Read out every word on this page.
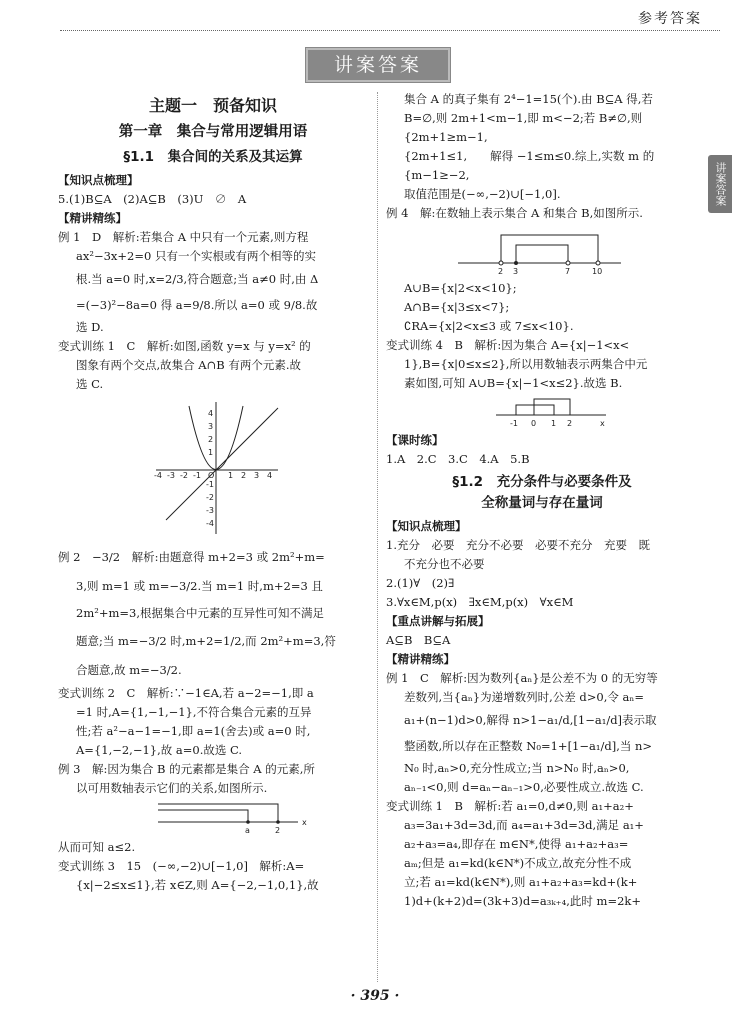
参考答案
讲案答案
讲案答案
主题一　预备知识
第一章　集合与常用逻辑用语
§1.1　集合间的关系及其运算
【知识点梳理】
5.(1)B⊆A　(2)A⊆B　(3)U　∅　A
【精讲精练】
例 1　D　解析:若集合 A 中只有一个元素,则方程
ax²−3x+2=0 只有一个实根或有两个相等的实
根.当 a=0 时,x=2/3,符合题意;当 a≠0 时,由 Δ
=(−3)²−8a=0 得 a=9/8.所以 a=0 或 9/8.故
选 D.
变式训练 1　C　解析:如图,函数 y=x 与 y=x² 的
图象有两个交点,故集合 A∩B 有两个元素.故
选 C.
-4 -3 -2 -1 O 1 2 3 4
4
3
2
1
-1
-2
-3
-4
例 2　−3/2　解析:由题意得 m+2=3 或 2m²+m=
3,则 m=1 或 m=−3/2.当 m=1 时,m+2=3 且
2m²+m=3,根据集合中元素的互异性可知不满足
题意;当 m=−3/2 时,m+2=1/2,而 2m²+m=3,符
合题意,故 m=−3/2.
变式训练 2　C　解析:∵−1∈A,若 a−2=−1,即 a
=1 时,A={1,−1,−1},不符合集合元素的互异
性;若 a²−a−1=−1,即 a=1(舍去)或 a=0 时,
A={1,−2,−1},故 a=0.故选 C.
例 3　解:因为集合 B 的元素都是集合 A 的元素,所
以可用数轴表示它们的关系,如图所示.
a	2
x
从而可知 a≤2.
变式训练 3　15　(−∞,−2)∪[−1,0]　解析:A=
{x|−2≤x≤1},若 x∈Z,则 A={−2,−1,0,1},故
集合 A 的真子集有 2⁴−1=15(个).由 B⊆A 得,若
B=∅,则 2m+1<m−1,即 m<−2;若 B≠∅,则
{2m+1≥m−1,
{2m+1≤1,　　解得 −1≤m≤0.综上,实数 m 的
{m−1≥−2,
取值范围是(−∞,−2)∪[−1,0].
例 4　解:在数轴上表示集合 A 和集合 B,如图所示.
2 3	7	10
A∪B={x|2<x<10};
A∩B={x|3≤x<7};
∁RA={x|2<x≤3 或 7≤x<10}.
变式训练 4　B　解析:因为集合 A={x|−1<x<
1},B={x|0≤x≤2},所以用数轴表示两集合中元
素如图,可知 A∪B={x|−1<x≤2}.故选 B.
-1 0 1 2	x
【课时练】
1.A　2.C　3.C　4.A　5.B
§1.2　充分条件与必要条件及
全称量词与存在量词
【知识点梳理】
1.充分　必要　充分不必要　必要不充分　充要　既
不充分也不必要
2.(1)∀　(2)∃
3.∀x∈M,p(x)　∃x∈M,p(x)　∀x∈M
【重点讲解与拓展】
A⊆B　B⊆A
【精讲精练】
例 1　C　解析:因为数列{aₙ}是公差不为 0 的无穷等
差数列,当{aₙ}为递增数列时,公差 d>0,令 aₙ=
a₁+(n−1)d>0,解得 n>1−a₁/d,[1−a₁/d]表示取
整函数,所以存在正整数 N₀=1+[1−a₁/d],当 n>
N₀ 时,aₙ>0,充分性成立;当 n>N₀ 时,aₙ>0,
aₙ₋₁<0,则 d=aₙ−aₙ₋₁>0,必要性成立.故选 C.
变式训练 1　B　解析:若 a₁=0,d≠0,则 a₁+a₂+
a₃=3a₁+3d=3d,而 a₄=a₁+3d=3d,满足 a₁+
a₂+a₃=a₄,即存在 m∈N*,使得 a₁+a₂+a₃=
aₘ;但是 a₁=kd(k∈N*)不成立,故充分性不成
立;若 a₁=kd(k∈N*),则 a₁+a₂+a₃=kd+(k+
1)d+(k+2)d=(3k+3)d=a₃ₖ₊₄,此时 m=2k+
· 395 ·
